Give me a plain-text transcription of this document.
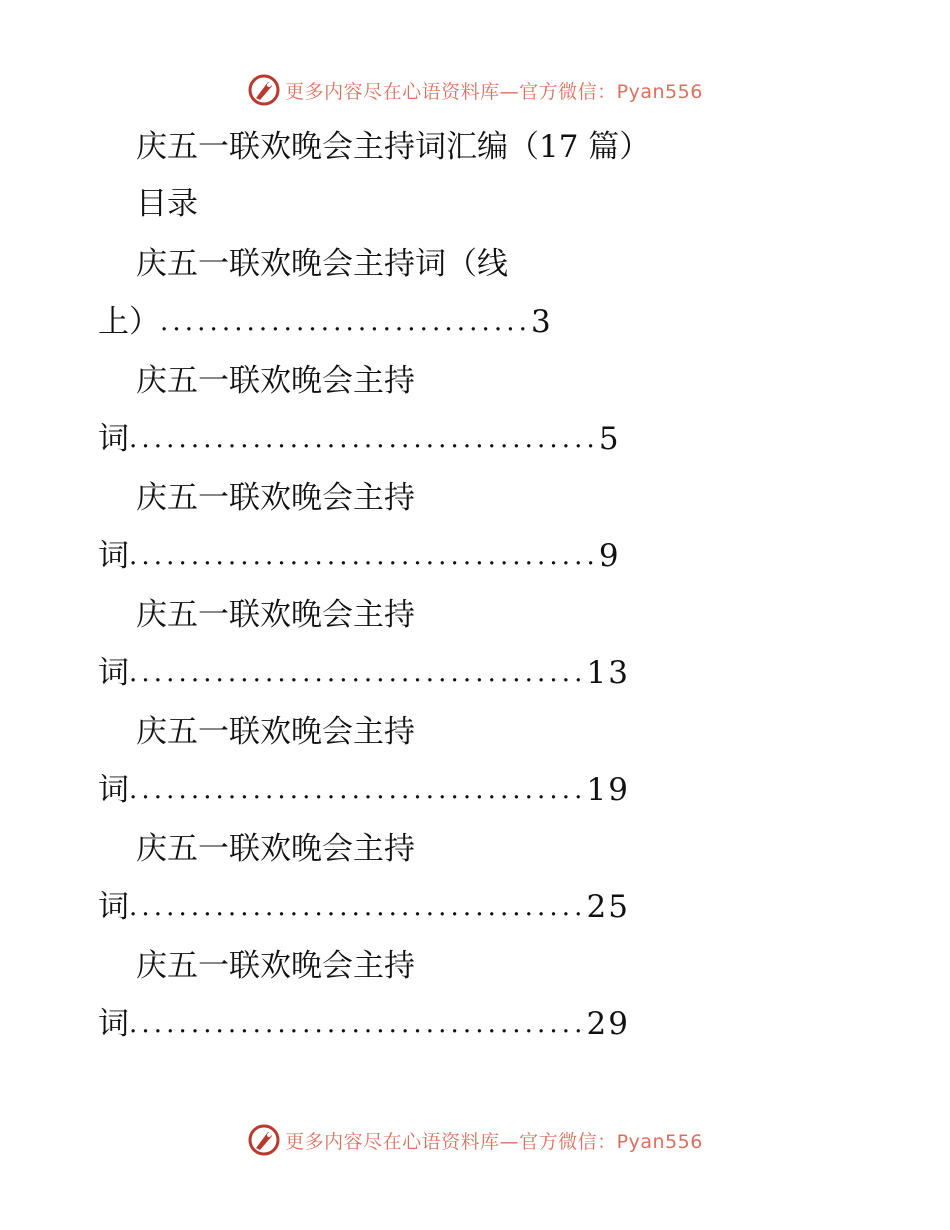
更多内容尽在心语资料库—官方微信：Pyan556
庆五一联欢晚会主持词汇编（17 篇）
目录
庆五一联欢晚会主持词（线
上） .............................. 3
庆五一联欢晚会主持
词 ...................................... 5
庆五一联欢晚会主持
词 ...................................... 9
庆五一联欢晚会主持
词 ..................................... 13
庆五一联欢晚会主持
词 ..................................... 19
庆五一联欢晚会主持
词 ..................................... 25
庆五一联欢晚会主持
词 ..................................... 29
更多内容尽在心语资料库—官方微信：Pyan556
